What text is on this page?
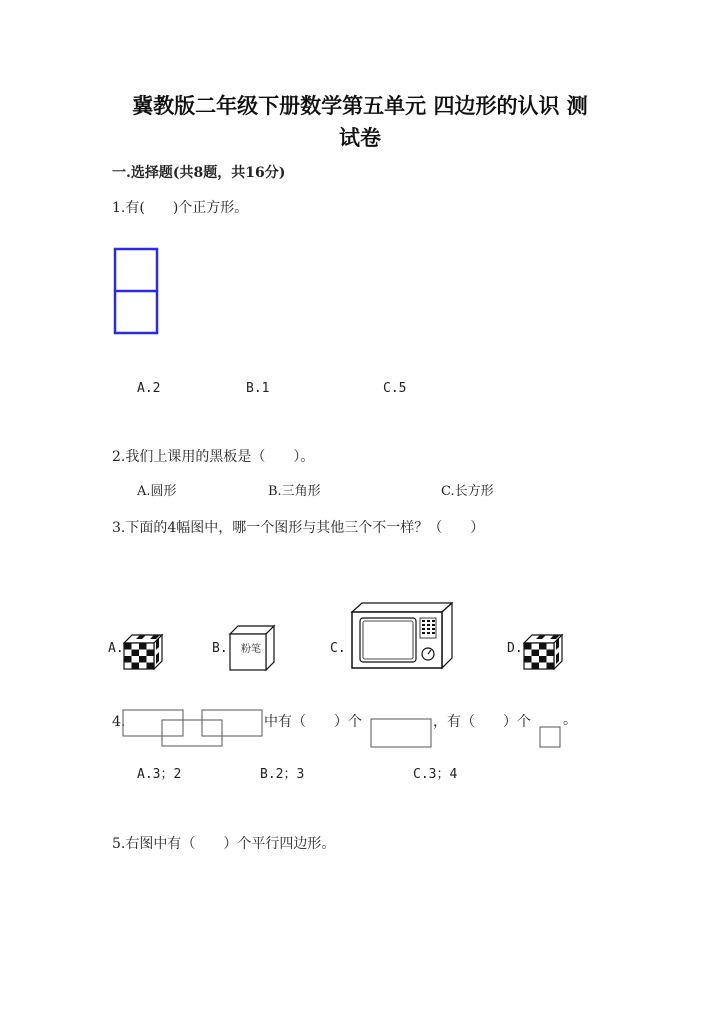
冀教版二年级下册数学第五单元 四边形的认识 测
试卷
一.选择题(共8题，共16分)
1.有(　　)个正方形。
A.2	B.1	C.5
2.我们上课用的黑板是（　　）。
A.圆形	B.三角形	C.长方形
3.下面的4幅图中，哪一个图形与其他三个不一样？（　　）
A.	B.	粉笔	C.	D.
4.	中有（　　）个	，有（　　）个 。
A.3；2	B.2；3	C.3；4
5.右图中有（　　）个平行四边形。
